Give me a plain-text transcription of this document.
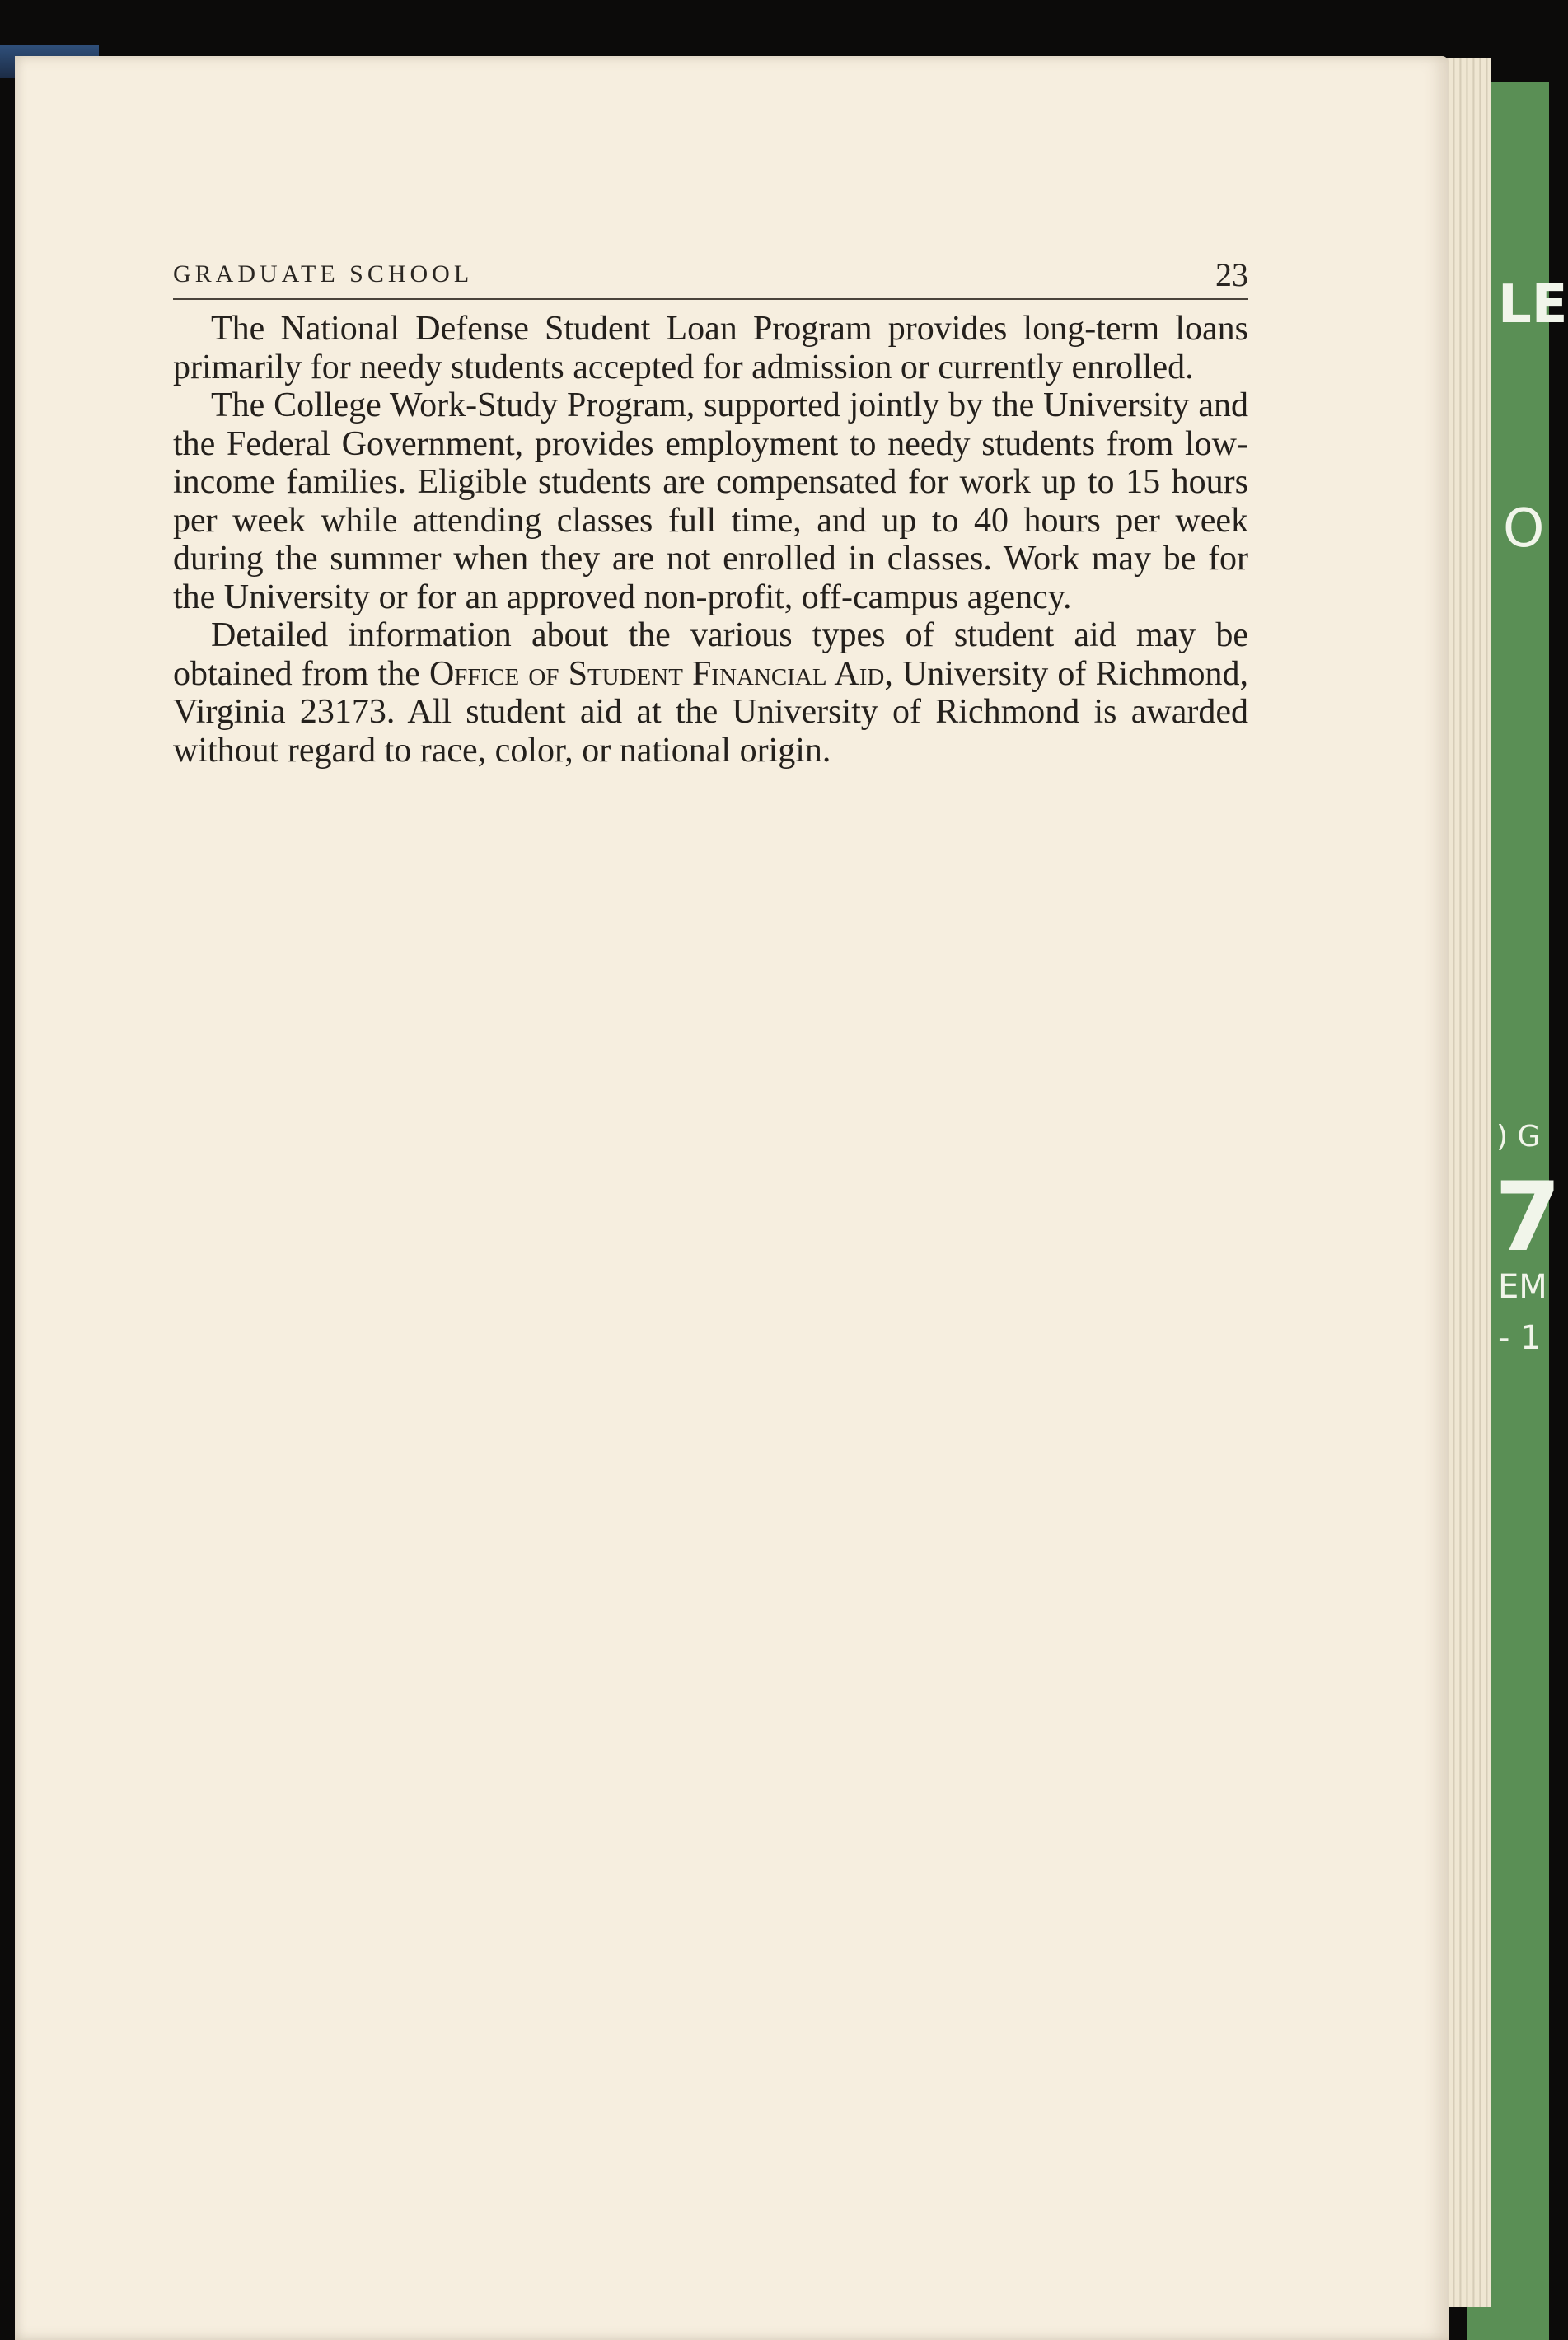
LE
O
) G
7
EM
- 1
GRADUATE SCHOOL	23

The National Defense Student Loan Program provides long-term loans primarily for needy students accepted for admission or currently enrolled.

The College Work-Study Program, supported jointly by the University and the Federal Government, provides employment to needy students from low-income families. Eligible students are compensated for work up to 15 hours per week while attending classes full time, and up to 40 hours per week during the summer when they are not enrolled in classes. Work may be for the University or for an approved non-profit, off-campus agency.

Detailed information about the various types of student aid may be obtained from the Office of Student Financial Aid, University of Richmond, Virginia 23173. All student aid at the University of Richmond is awarded without regard to race, color, or national origin.
